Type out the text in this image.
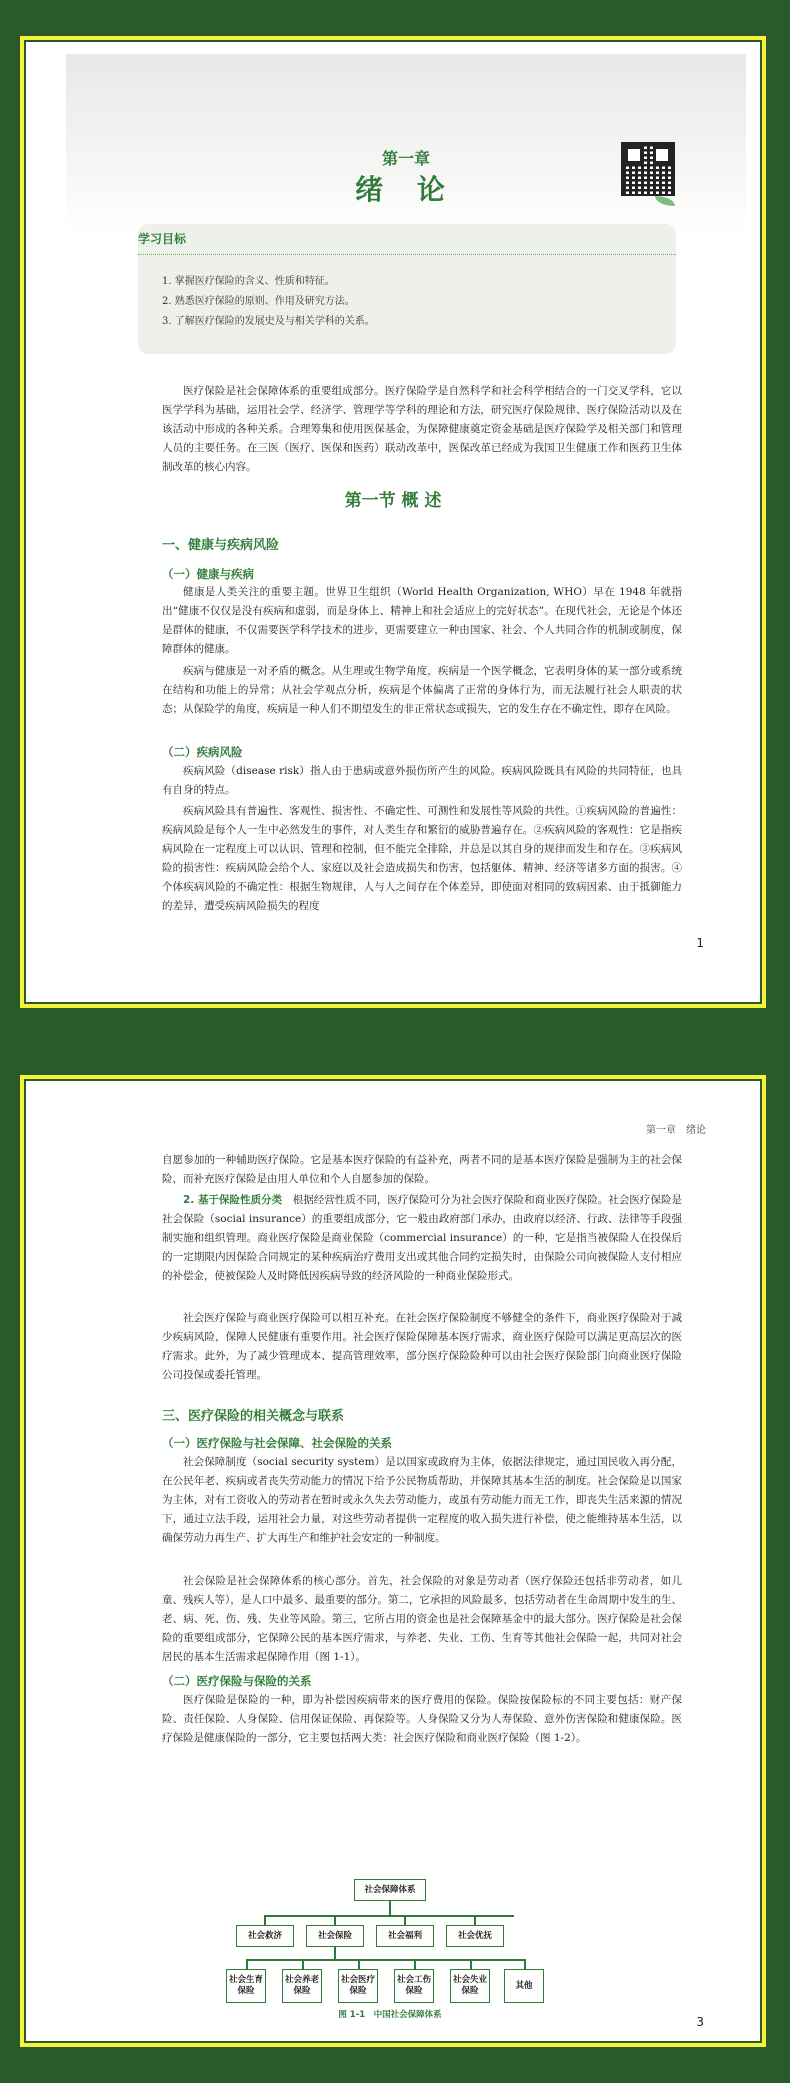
第一章
绪 论
学习目标
1. 掌握医疗保险的含义、性质和特征。
2. 熟悉医疗保险的原则、作用及研究方法。
3. 了解医疗保险的发展史及与相关学科的关系。

医疗保险是社会保障体系的重要组成部分。医疗保险学是自然科学和社会科学相结合的一门交叉学科，它以医学学科为基础，运用社会学、经济学、管理学等学科的理论和方法，研究医疗保险规律、医疗保险活动以及在该活动中形成的各种关系。合理筹集和使用医保基金，为保障健康奠定资金基础是医疗保险学及相关部门和管理人员的主要任务。在三医（医疗、医保和医药）联动改革中，医保改革已经成为我国卫生健康工作和医药卫生体制改革的核心内容。

第一节 概 述
一、健康与疾病风险
（一）健康与疾病

健康是人类关注的重要主题。世界卫生组织（World Health Organization, WHO）早在 1948 年就指出“健康不仅仅是没有疾病和虚弱，而是身体上、精神上和社会适应上的完好状态”。在现代社会，无论是个体还是群体的健康，不仅需要医学科学技术的进步，更需要建立一种由国家、社会、个人共同合作的机制或制度，保障群体的健康。

疾病与健康是一对矛盾的概念。从生理或生物学角度，疾病是一个医学概念，它表明身体的某一部分或系统在结构和功能上的异常；从社会学观点分析，疾病是个体偏离了正常的身体行为，而无法履行社会人职责的状态；从保险学的角度，疾病是一种人们不期望发生的非正常状态或损失，它的发生存在不确定性，即存在风险。

（二）疾病风险

疾病风险（disease risk）指人由于患病或意外损伤所产生的风险。疾病风险既具有风险的共同特征，也具有自身的特点。

疾病风险具有普遍性、客观性、损害性、不确定性、可测性和发展性等风险的共性。①疾病风险的普遍性：疾病风险是每个人一生中必然发生的事件，对人类生存和繁衍的威胁普遍存在。②疾病风险的客观性：它是指疾病风险在一定程度上可以认识、管理和控制，但不能完全排除，并总是以其自身的规律而发生和存在。③疾病风险的损害性：疾病风险会给个人、家庭以及社会造成损失和伤害，包括躯体、精神、经济等诸多方面的损害。④个体疾病风险的不确定性：根据生物规律，人与人之间存在个体差异，即使面对相同的致病因素、由于抵御能力的差异，遭受疾病风险损失的程度

1
第一章　绪论

自愿参加的一种辅助医疗保险。它是基本医疗保险的有益补充，两者不同的是基本医疗保险是强制为主的社会保险，而补充医疗保险是由用人单位和个人自愿参加的保险。

2. 基于保险性质分类　 根据经营性质不同，医疗保险可分为社会医疗保险和商业医疗保险。社会医疗保险是社会保险（social insurance）的重要组成部分，它一般由政府部门承办，由政府以经济、行政、法律等手段强制实施和组织管理。商业医疗保险是商业保险（commercial insurance）的一种，它是指当被保险人在投保后的一定期限内因保险合同规定的某种疾病治疗费用支出或其他合同约定损失时，由保险公司向被保险人支付相应的补偿金，使被保险人及时降低因疾病导致的经济风险的一种商业保险形式。

社会医疗保险与商业医疗保险可以相互补充。在社会医疗保险制度不够健全的条件下，商业医疗保险对于减少疾病风险，保障人民健康有重要作用。社会医疗保险保障基本医疗需求，商业医疗保险可以满足更高层次的医疗需求。此外，为了减少管理成本、提高管理效率，部分医疗保险险种可以由社会医疗保险部门向商业医疗保险公司投保或委托管理。

三、医疗保险的相关概念与联系
（一）医疗保险与社会保障、社会保险的关系

社会保障制度（social security system）是以国家或政府为主体，依据法律规定，通过国民收入再分配，在公民年老、疾病或者丧失劳动能力的情况下给予公民物质帮助，并保障其基本生活的制度。社会保险是以国家为主体，对有工资收入的劳动者在暂时或永久失去劳动能力，或虽有劳动能力而无工作，即丧失生活来源的情况下，通过立法手段，运用社会力量，对这些劳动者提供一定程度的收入损失进行补偿，使之能维持基本生活，以确保劳动力再生产、扩大再生产和维护社会安定的一种制度。

社会保险是社会保障体系的核心部分。首先，社会保险的对象是劳动者（医疗保险还包括非劳动者，如儿童、残疾人等），是人口中最多、最重要的部分。第二，它承担的风险最多，包括劳动者在生命周期中发生的生、老、病、死、伤、残、失业等风险。第三，它所占用的资金也是社会保障基金中的最大部分。医疗保险是社会保险的重要组成部分，它保障公民的基本医疗需求，与养老、失业、工伤、生育等其他社会保险一起，共同对社会居民的基本生活需求起保障作用（图 1-1）。

（二）医疗保险与保险的关系

医疗保险是保险的一种，即为补偿因疾病带来的医疗费用的保险。保险按保险标的不同主要包括：财产保险、责任保险、人身保险、信用保证保险、再保险等。人身保险又分为人寿保险、意外伤害保险和健康保险。医疗保险是健康保险的一部分，它主要包括两大类：社会医疗保险和商业医疗保险（图 1-2）。

社会保障体系
社会救济	社会保险	社会福利	社会优抚
社会生育保险
社会养老保险
社会医疗保险
社会工伤保险
社会失业保险
其他
图 1-1　中国社会保障体系
3
